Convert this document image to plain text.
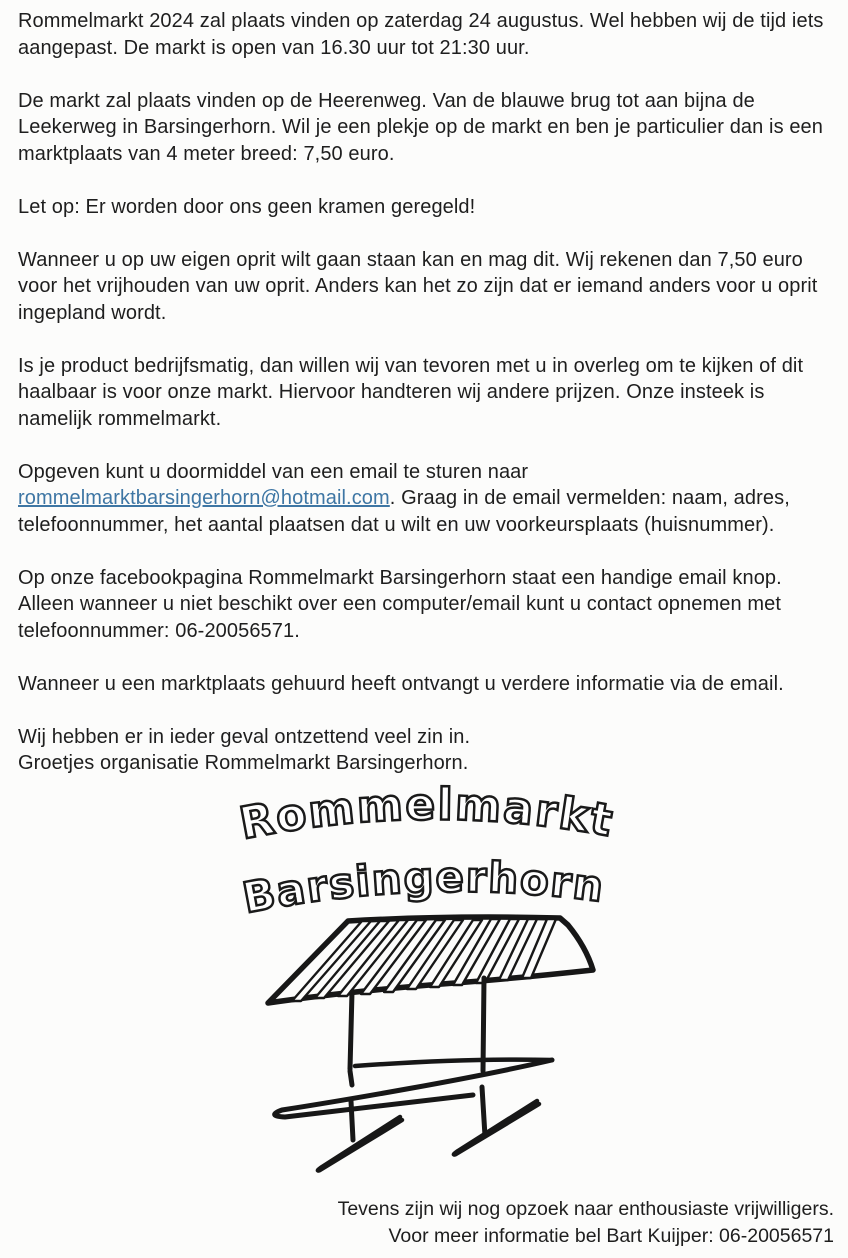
Rommelmarkt 2024 zal plaats vinden op zaterdag 24 augustus. Wel hebben wij de tijd iets aangepast. De markt is open van 16.30 uur tot 21:30 uur.

De markt zal plaats vinden op de Heerenweg. Van de blauwe brug tot aan bijna de Leekerweg in Barsingerhorn. Wil je een plekje op de markt en ben je particulier dan is een marktplaats van 4 meter breed: 7,50 euro.

Let op: Er worden door ons geen kramen geregeld!

Wanneer u op uw eigen oprit wilt gaan staan kan en mag dit. Wij rekenen dan 7,50 euro voor het vrijhouden van uw oprit. Anders kan het zo zijn dat er iemand anders voor u oprit ingepland wordt.

Is je product bedrijfsmatig, dan willen wij van tevoren met u in overleg om te kijken of dit haalbaar is voor onze markt. Hiervoor handteren wij andere prijzen. Onze insteek is namelijk rommelmarkt.

Opgeven kunt u doormiddel van een email te sturen naar rommelmarktbarsingerhorn@hotmail.com. Graag in de email vermelden: naam, adres, telefoonnummer, het aantal plaatsen dat u wilt en uw voorkeursplaats (huisnummer).

Op onze facebookpagina Rommelmarkt Barsingerhorn staat een handige email knop. Alleen wanneer u niet beschikt over een computer/email kunt u contact opnemen met telefoonnummer: 06-20056571.

Wanneer u een marktplaats gehuurd heeft ontvangt u verdere informatie via de email.

Wij hebben er in ieder geval ontzettend veel zin in.
Groetjes organisatie Rommelmarkt Barsingerhorn.

Rommelmarkt
Barsingerhorn
Tevens zijn wij nog opzoek naar enthousiaste vrijwilligers.
Voor meer informatie bel Bart Kuijper: 06-20056571
